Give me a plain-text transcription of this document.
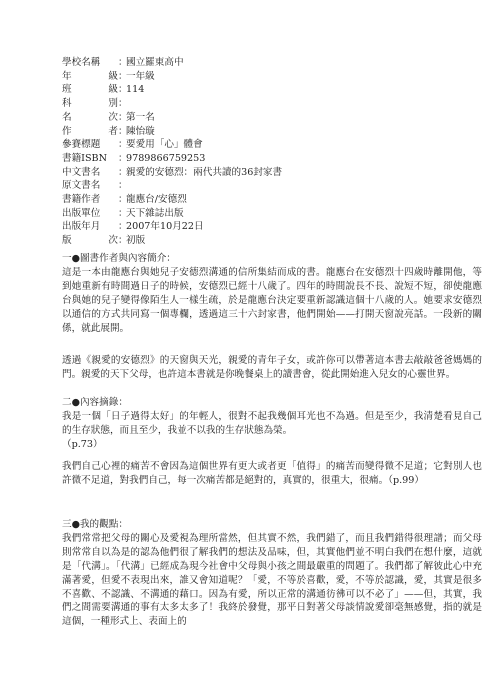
學校名稱	：
國立羅東高中
年	級 ：
一年級
班	級 ：
114
科	別 ：
名	次 ：
第一名
作	者 ：
陳怡璇
參賽標題	：
要愛用「心」體會
書籍ISBN	：
9789866759253
中文書名	：
親愛的安德烈：兩代共讀的36封家書
原文書名	：
書籍作者	：
龍應台/安德烈
出版單位	：
天下雜誌出版
出版年月	：
2007年10月22日
版	次 ：
初版

一●圖書作者與內容簡介：

這是一本由龍應台與她兒子安德烈溝通的信所集結而成的書。龍應台在安德烈十四歲時離開他，等到她重新有時間過日子的時候，安德烈已經十八歲了。四年的時間說長不長、說短不短，卻使龍應台與她的兒子變得像陌生人一樣生疏，於是龍應台決定要重新認識這個十八歲的人。她要求安德烈以通信的方式共同寫一個專欄，透過這三十六封家書，他們開始——打開天窗說亮話。一段新的關係，就此展開。

透過《親愛的安德烈》的天窗與天光，親愛的青年子女，或許你可以帶著這本書去敲敲爸爸媽媽的門。親愛的天下父母，也許這本書就是你晚餐桌上的讀書會，從此開始進入兒女的心靈世界。

二●內容摘錄：

我是一個「日子過得太好」的年輕人，很對不起我幾個耳光也不為過。但是至少，我清楚看見自己的生存狀態，而且至少，我並不以我的生存狀態為榮。
（p.73）

我們自己心裡的痛苦不會因為這個世界有更大或者更「值得」的痛苦而變得微不足道；它對別人也許微不足道，對我們自己，每一次痛苦都是絕對的，真實的，很重大，很痛。（p.99）

三●我的觀點：

我們常常把父母的關心及愛視為理所當然，但其實不然，我們錯了，而且我們錯得很理譜；而父母則常常自以為是的認為他們很了解我們的想法及品味，但，其實他們並不明白我們在想什麼，這就是「代溝」。「代溝」已經成為現今社會中父母與小孩之間最嚴重的問題了。我們都了解彼此心中充滿著愛，但愛不表現出來，誰又會知道呢？「愛，不等於喜歡，愛，不等於認識，愛，其實是很多不喜歡、不認識、不溝通的藉口。因為有愛，所以正常的溝通彷彿可以不必了」——但，其實，我們之間需要溝通的事有太多太多了！我終於發覺，那平日對著父母談情說愛卻毫無感覺，指的就是這個，一種形式上、表面上的
